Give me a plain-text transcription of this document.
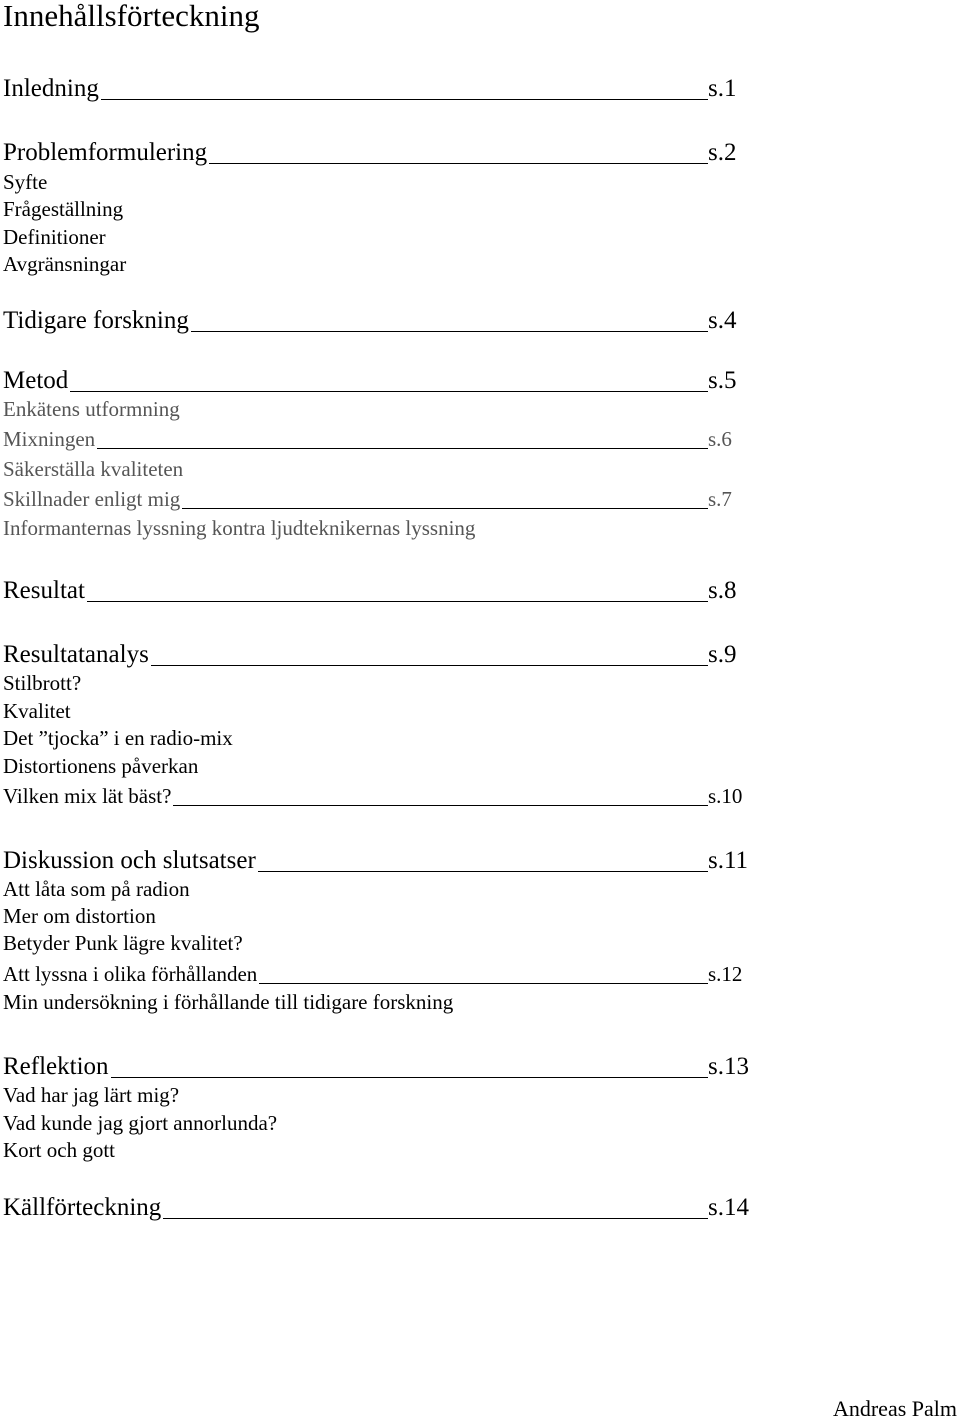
Innehållsförteckning
Inledning	s.1
Problemformulering	s.2
Syfte
Frågeställning
Definitioner
Avgränsningar
Tidigare forskning	s.4
Metod	s.5
Enkätens utformning
Mixningen	s.6
Säkerställa kvaliteten
Skillnader enligt mig	s.7
Informanternas lyssning kontra ljudteknikernas lyssning
Resultat	s.8
Resultatanalys	s.9
Stilbrott?
Kvalitet
Det ”tjocka” i en radio-mix
Distortionens påverkan
Vilken mix lät bäst?	s.10
Diskussion och slutsatser	s.11
Att låta som på radion
Mer om distortion
Betyder Punk lägre kvalitet?
Att lyssna i olika förhållanden	s.12
Min undersökning i förhållande till tidigare forskning
Reflektion	s.13
Vad har jag lärt mig?
Vad kunde jag gjort annorlunda?
Kort och gott
Källförteckning	s.14
Andreas Palm
